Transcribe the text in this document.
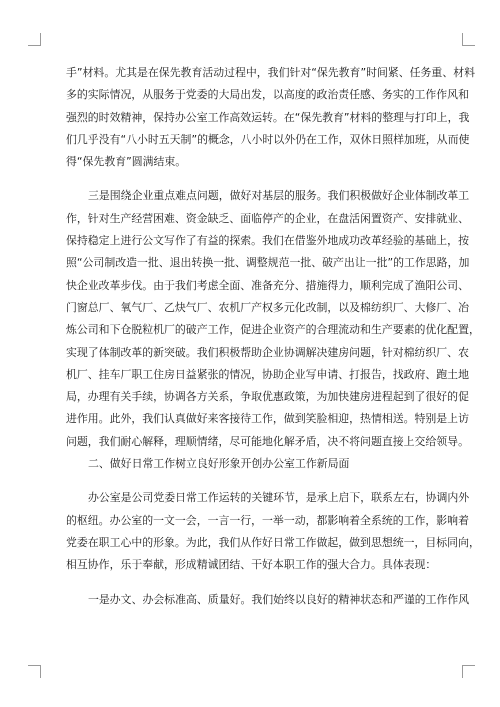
手”材料。尤其是在保先教育活动过程中，我们针对“保先教育”时间紧、任务重、材料
多的实际情况，从服务于党委的大局出发，以高度的政治责任感、务实的工作作风和
强烈的时效精神，保持办公室工作高效运转。在“保先教育”材料的整理与打印上，我
们几乎没有“八小时五天制”的概念，八小时以外仍在工作，双休日照样加班，从而使
得“保先教育”圆满结束。
三是围绕企业重点难点问题，做好对基层的服务。我们积极做好企业体制改革工
作，针对生产经营困难、资金缺乏、面临停产的企业，在盘活闲置资产、安排就业、
保持稳定上进行公文写作了有益的探索。我们在借鉴外地成功改革经验的基础上，按
照“公司制改造一批、退出转换一批、调整规范一批、破产出让一批”的工作思路，加
快企业改革步伐。由于我们考虑全面、准备充分、措施得力，顺利完成了渔阳公司、
门窗总厂、氧气厂、乙炔气厂、农机厂产权多元化改制，以及棉纺织厂、大修厂、冶
炼公司和下仓脱粒机厂的破产工作，促进企业资产的合理流动和生产要素的优化配置，
实现了体制改革的新突破。我们积极帮助企业协调解决建房问题，针对棉纺织厂、农
机厂、挂车厂职工住房日益紧张的情况，协助企业写申请、打报告，找政府、跑土地
局，办理有关手续，协调各方关系，争取优惠政策，为加快建房进程起到了很好的促
进作用。此外，我们认真做好来客接待工作，做到笑脸相迎，热情相送。特别是上访
问题，我们耐心解释，理顺情绪，尽可能地化解矛盾，决不将问题直接上交给领导。
二、做好日常工作树立良好形象开创办公室工作新局面
办公室是公司党委日常工作运转的关键环节，是承上启下，联系左右，协调内外
的枢纽。办公室的一文一会，一言一行，一举一动，都影响着全系统的工作，影响着
党委在职工心中的形象。为此，我们从作好日常工作做起，做到思想统一，目标同向，
相互协作，乐于奉献，形成精诚团结、干好本职工作的强大合力。具体表现：
一是办文、办会标准高、质量好。我们始终以良好的精神状态和严谨的工作作风
